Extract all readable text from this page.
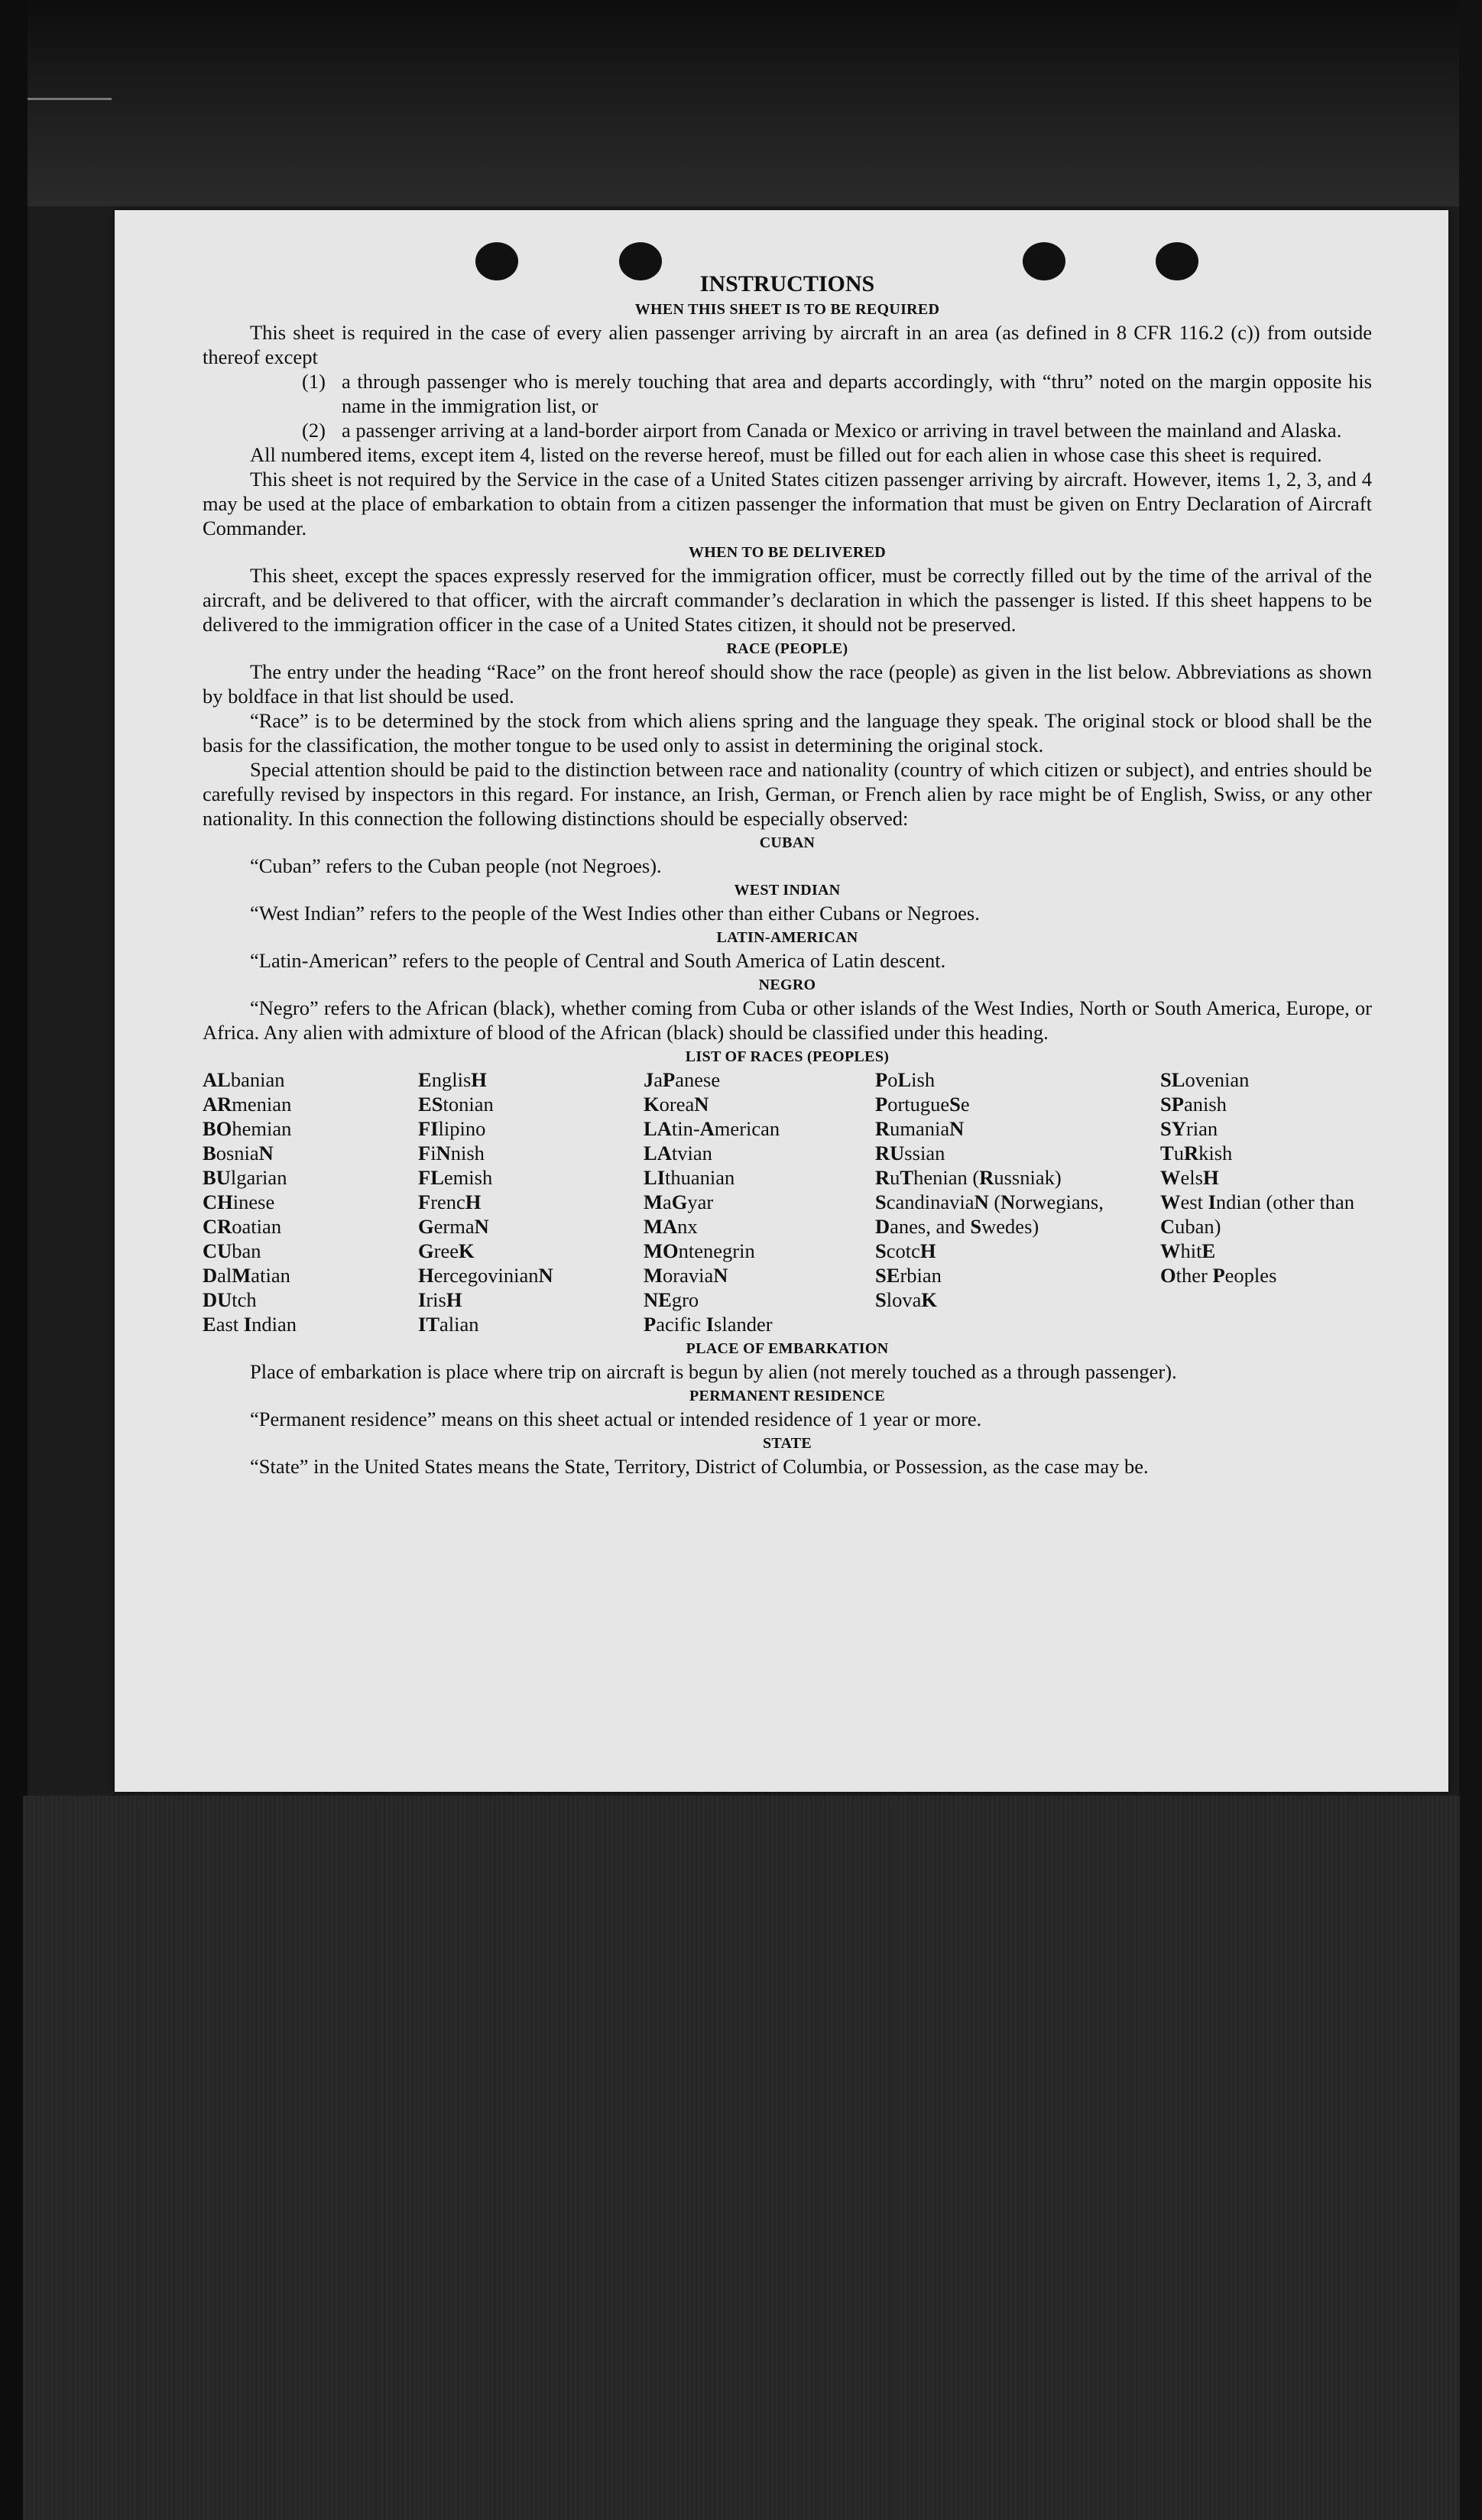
INSTRUCTIONS
WHEN THIS SHEET IS TO BE REQUIRED

This sheet is required in the case of every alien passenger arriving by aircraft in an area (as defined in 8 CFR 116.2 (c)) from outside thereof except

(1) a through passenger who is merely touching that area and departs accordingly, with “thru” noted on the margin opposite his name in the immigration list, or
(2) a passenger arriving at a land-border airport from Canada or Mexico or arriving in travel between the mainland and Alaska.

All numbered items, except item 4, listed on the reverse hereof, must be filled out for each alien in whose case this sheet is required.

This sheet is not required by the Service in the case of a United States citizen passenger arriving by aircraft. However, items 1, 2, 3, and 4 may be used at the place of embarkation to obtain from a citizen passenger the information that must be given on Entry Declaration of Aircraft Commander.

WHEN TO BE DELIVERED

This sheet, except the spaces expressly reserved for the immigration officer, must be correctly filled out by the time of the arrival of the aircraft, and be delivered to that officer, with the aircraft commander’s declaration in which the passenger is listed. If this sheet happens to be delivered to the immigration officer in the case of a United States citizen, it should not be preserved.

RACE (PEOPLE)

The entry under the heading “Race” on the front hereof should show the race (people) as given in the list below. Abbreviations as shown by boldface in that list should be used.

“Race” is to be determined by the stock from which aliens spring and the language they speak. The original stock or blood shall be the basis for the classification, the mother tongue to be used only to assist in determining the original stock.

Special attention should be paid to the distinction between race and nationality (country of which citizen or subject), and entries should be carefully revised by inspectors in this regard. For instance, an Irish, German, or French alien by race might be of English, Swiss, or any other nationality. In this connection the following distinctions should be especially observed:

CUBAN
“Cuban” refers to the Cuban people (not Negroes).
WEST INDIAN
“West Indian” refers to the people of the West Indies other than either Cubans or Negroes.
LATIN-AMERICAN
“Latin-American” refers to the people of Central and South America of Latin descent.
NEGRO

“Negro” refers to the African (black), whether coming from Cuba or other islands of the West Indies, North or South America, Europe, or Africa. Any alien with admixture of blood of the African (black) should be classified under this heading.

LIST OF RACES (PEOPLES)
ALbanian
ARmenian
BOhemian
BosniaN
BUlgarian
CHinese
CRoatian
CUban
DalMatian
DUtch
East Indian
EnglisH
EStonian
FIlipino
FiNnish
FLemish
FrencH
GermaN
GreeK
HercegovinianN
IrisH
ITalian
JaPanese
KoreaN
LAtin-American
LAtvian
LIthuanian
MaGyar
MAnx
MOntenegrin
MoraviaN
NEgro
Pacific Islander
PoLish
PortugueSe
RumaniaN
RUssian
RuThenian (Russniak)
ScandinaviaN (Norwegians, Danes, and Swedes)
ScotcH
SErbian
SlovaK
SLovenian
SPanish
SYrian
TuRkish
WelsH
West Indian (other than Cuban)
WhitE
Other Peoples
PLACE OF EMBARKATION

Place of embarkation is place where trip on aircraft is begun by alien (not merely touched as a through passenger).

PERMANENT RESIDENCE
“Permanent residence” means on this sheet actual or intended residence of 1 year or more.
STATE

“State” in the United States means the State, Territory, District of Columbia, or Possession, as the case may be.
